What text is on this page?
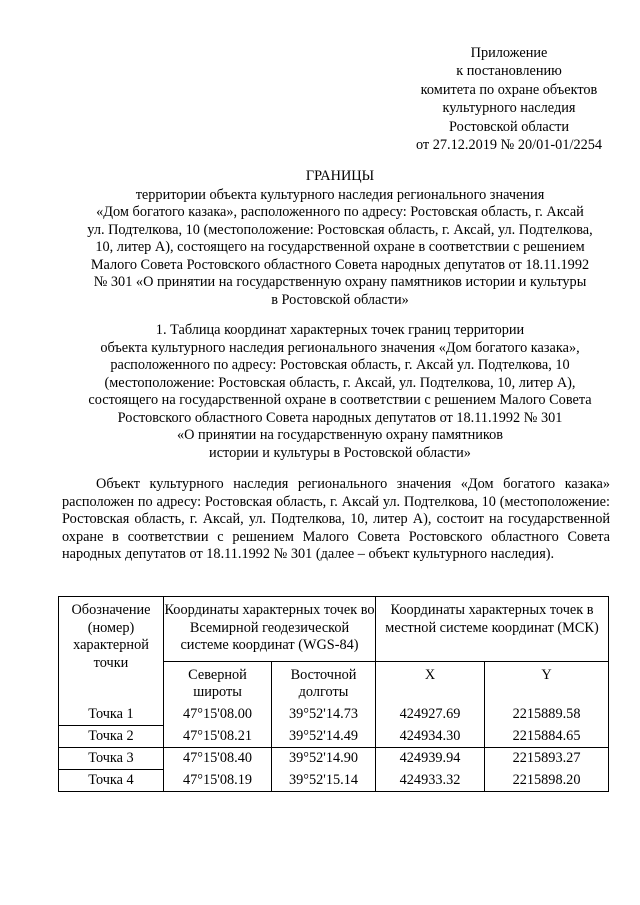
Приложение
к постановлению
комитета по охране объектов
культурного наследия
Ростовской области
от 27.12.2019 № 20/01-01/2254
ГРАНИЦЫ
территории объекта культурного наследия регионального значения
«Дом богатого казака», расположенного по адресу: Ростовская область, г. Аксай
ул. Подтелкова, 10 (местоположение: Ростовская область, г. Аксай, ул. Подтелкова,
10, литер А), состоящего на государственной охране в соответствии с решением
Малого Совета Ростовского областного Совета народных депутатов от 18.11.1992
№ 301 «О принятии на государственную охрану памятников истории и культуры
в Ростовской области»
1. Таблица координат характерных точек границ территории
объекта культурного наследия регионального значения «Дом богатого казака»,
расположенного по адресу: Ростовская область, г. Аксай ул. Подтелкова, 10
(местоположение: Ростовская область, г. Аксай, ул. Подтелкова, 10, литер А),
состоящего на государственной охране в соответствии с решением Малого Совета
Ростовского областного Совета народных депутатов от 18.11.1992 № 301
«О принятии на государственную охрану памятников
истории и культуры в Ростовской области»
Объект культурного наследия регионального значения «Дом богатого казака» расположен по адресу: Ростовская область, г. Аксай ул. Подтелкова, 10 (местоположение: Ростовская область, г. Аксай, ул. Подтелкова, 10, литер А), состоит на государственной охране в соответствии с решением Малого Совета Ростовского областного Совета народных депутатов от 18.11.1992 № 301 (далее – объект культурного наследия).
Обозначение (номер) характерной точки	Координаты характерных точек во Всемирной геодезической системе координат (WGS-84)		Координаты характерных точек в местной системе координат (МСК)	
	Северной широты	Восточной долготы	X	Y
Точка 1	47°15'08.00	39°52'14.73	424927.69	2215889.58
Точка 2	47°15'08.21	39°52'14.49	424934.30	2215884.65
Точка 3	47°15'08.40	39°52'14.90	424939.94	2215893.27
Точка 4	47°15'08.19	39°52'15.14	424933.32	2215898.20
